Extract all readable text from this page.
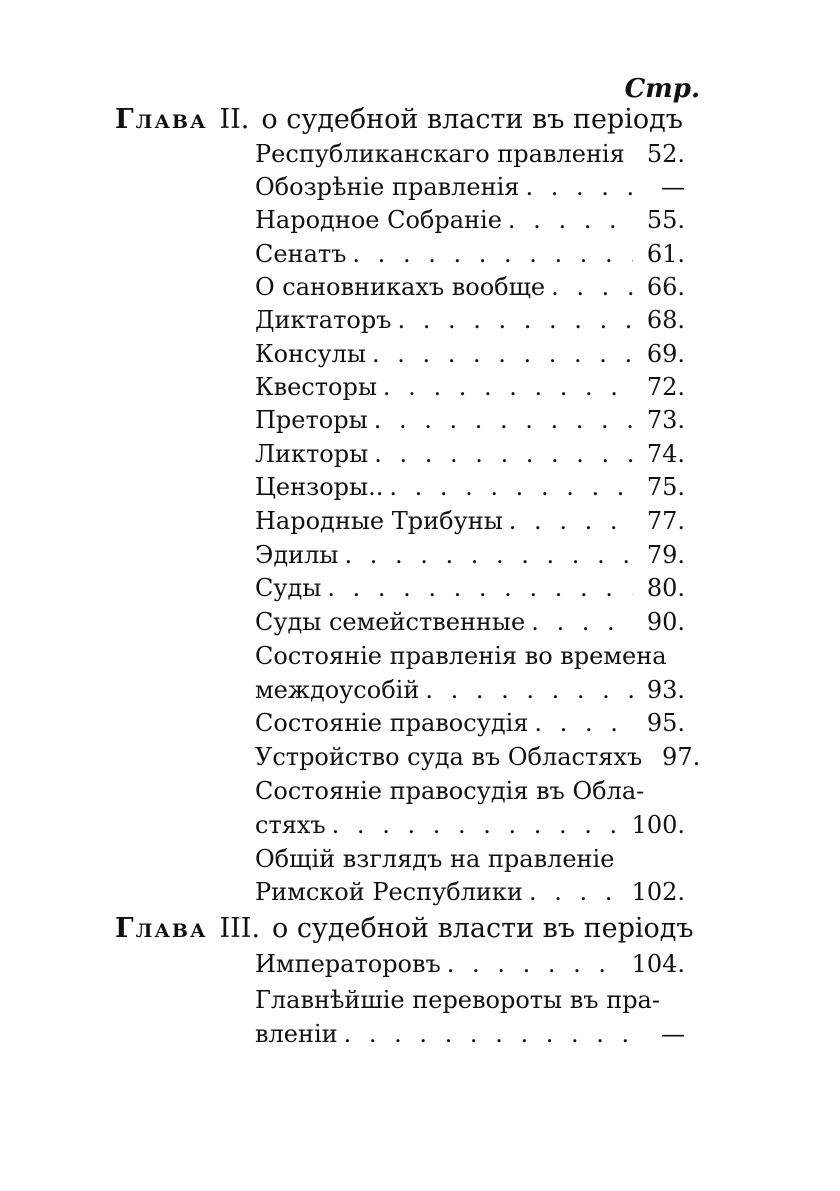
Стр.
Глава II. о судебной власти въ періодъ
Республиканскаго правленія . . . 52.
Обозрѣніе правленія . . .	—
Народное Собраніе . . .	55.
Сенатъ . . .	61.
О сановникахъ вообще . . .	66.
Диктаторъ . . .	68.
Консулы . . .	69.
Квесторы . . .	72.
Преторы . . .	73.
Ликторы . . .	74.
Цензоры.. . . .	75.
Народные Трибуны . . .	77.
Эдилы . . .	79.
Суды . . .	80.
Суды семейственные . . .	90.
Состояніе правленія во времена
междоусобій . . .	93.
Состояніе правосудія . . .	95.
Устройство суда въ Областяхъ 97.
Состояніе правосудія въ Обла-
стяхъ . . .	100.
Общій взглядъ на правленіе
Римской Республики . . .	102.
Глава III. о судебной власти въ періодъ
Императоровъ . . .	104.
Главнѣйшіе перевороты въ пра-
вленіи . . .	—
